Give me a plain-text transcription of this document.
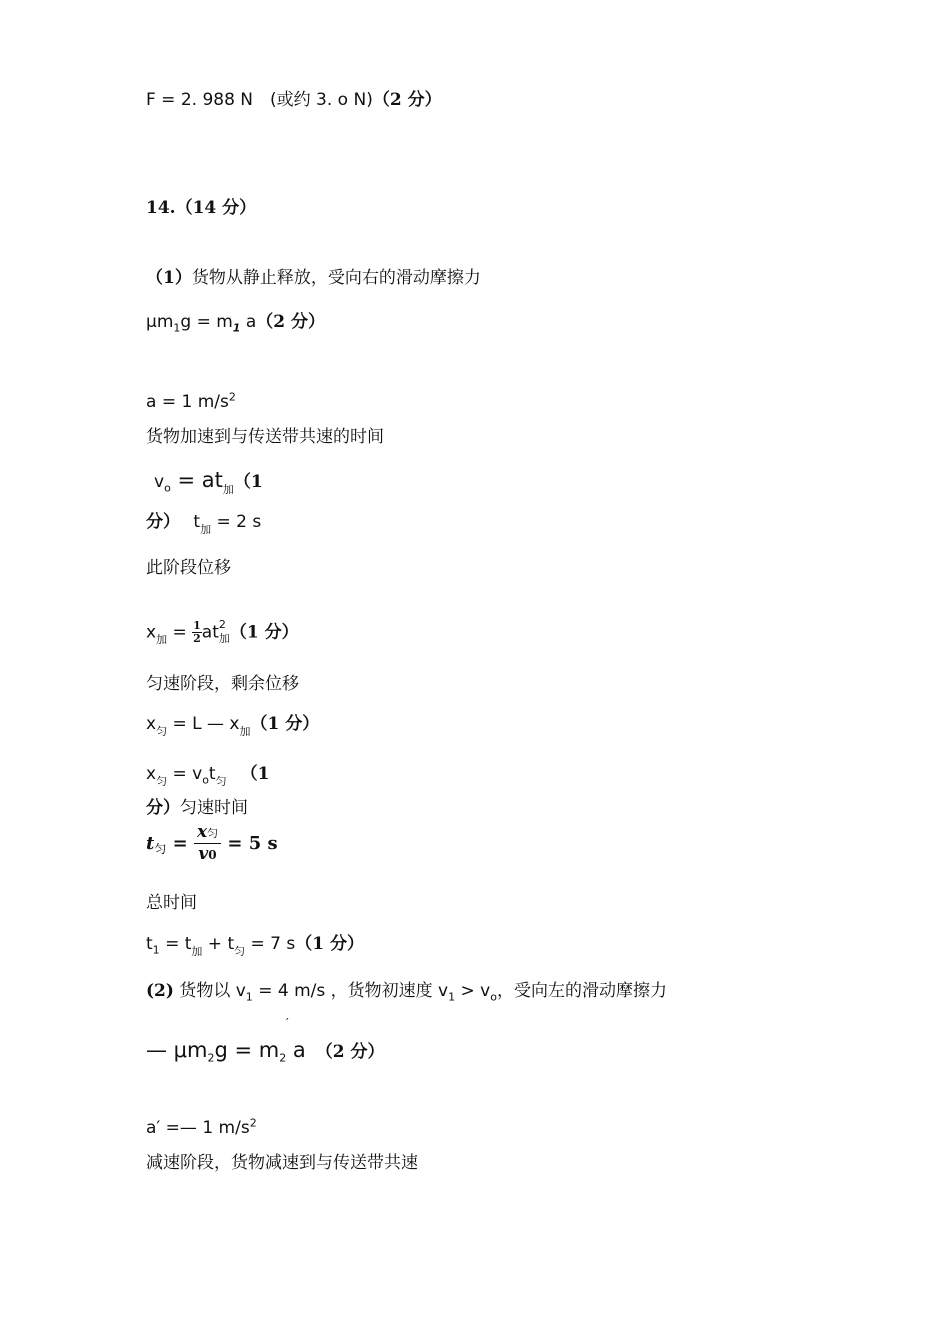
F = 2. 988 N　(或约 3. o N)（2 分）
14.（14 分）
（1）货物从静止释放，受向右的滑动摩擦力
$\mu m_1g = m_1$ a（2 分）
a = 1 $m/s^2$
货物加速到与传送带共速的时间
$v_o = at_加(1$
分） $t_加 = 2$ s
此阶段位移
$x_加 = \frac{1}{2}$ at 2
加 （1 分）
匀速阶段，剩余位移
$x_匀 = L$ — $x_加(1$ 分）
$x_匀 = v_ot_匀$ （1
分）匀速时间
$t_匀 = \frac{\text{x匀}}{v0} = 5$ s
总时间
$t_1 = t_加 + t_匀 = 7$ s（1 分）
(2) 货物以 $v_1 = 4$ m/s ，货物初速度 $v_1 > v_o$，受向左的滑动摩擦力
′
— $\mu m_2g = m_2$ a （2 分）
a′ =— 1 $m/s^2$
减速阶段，货物减速到与传送带共速
